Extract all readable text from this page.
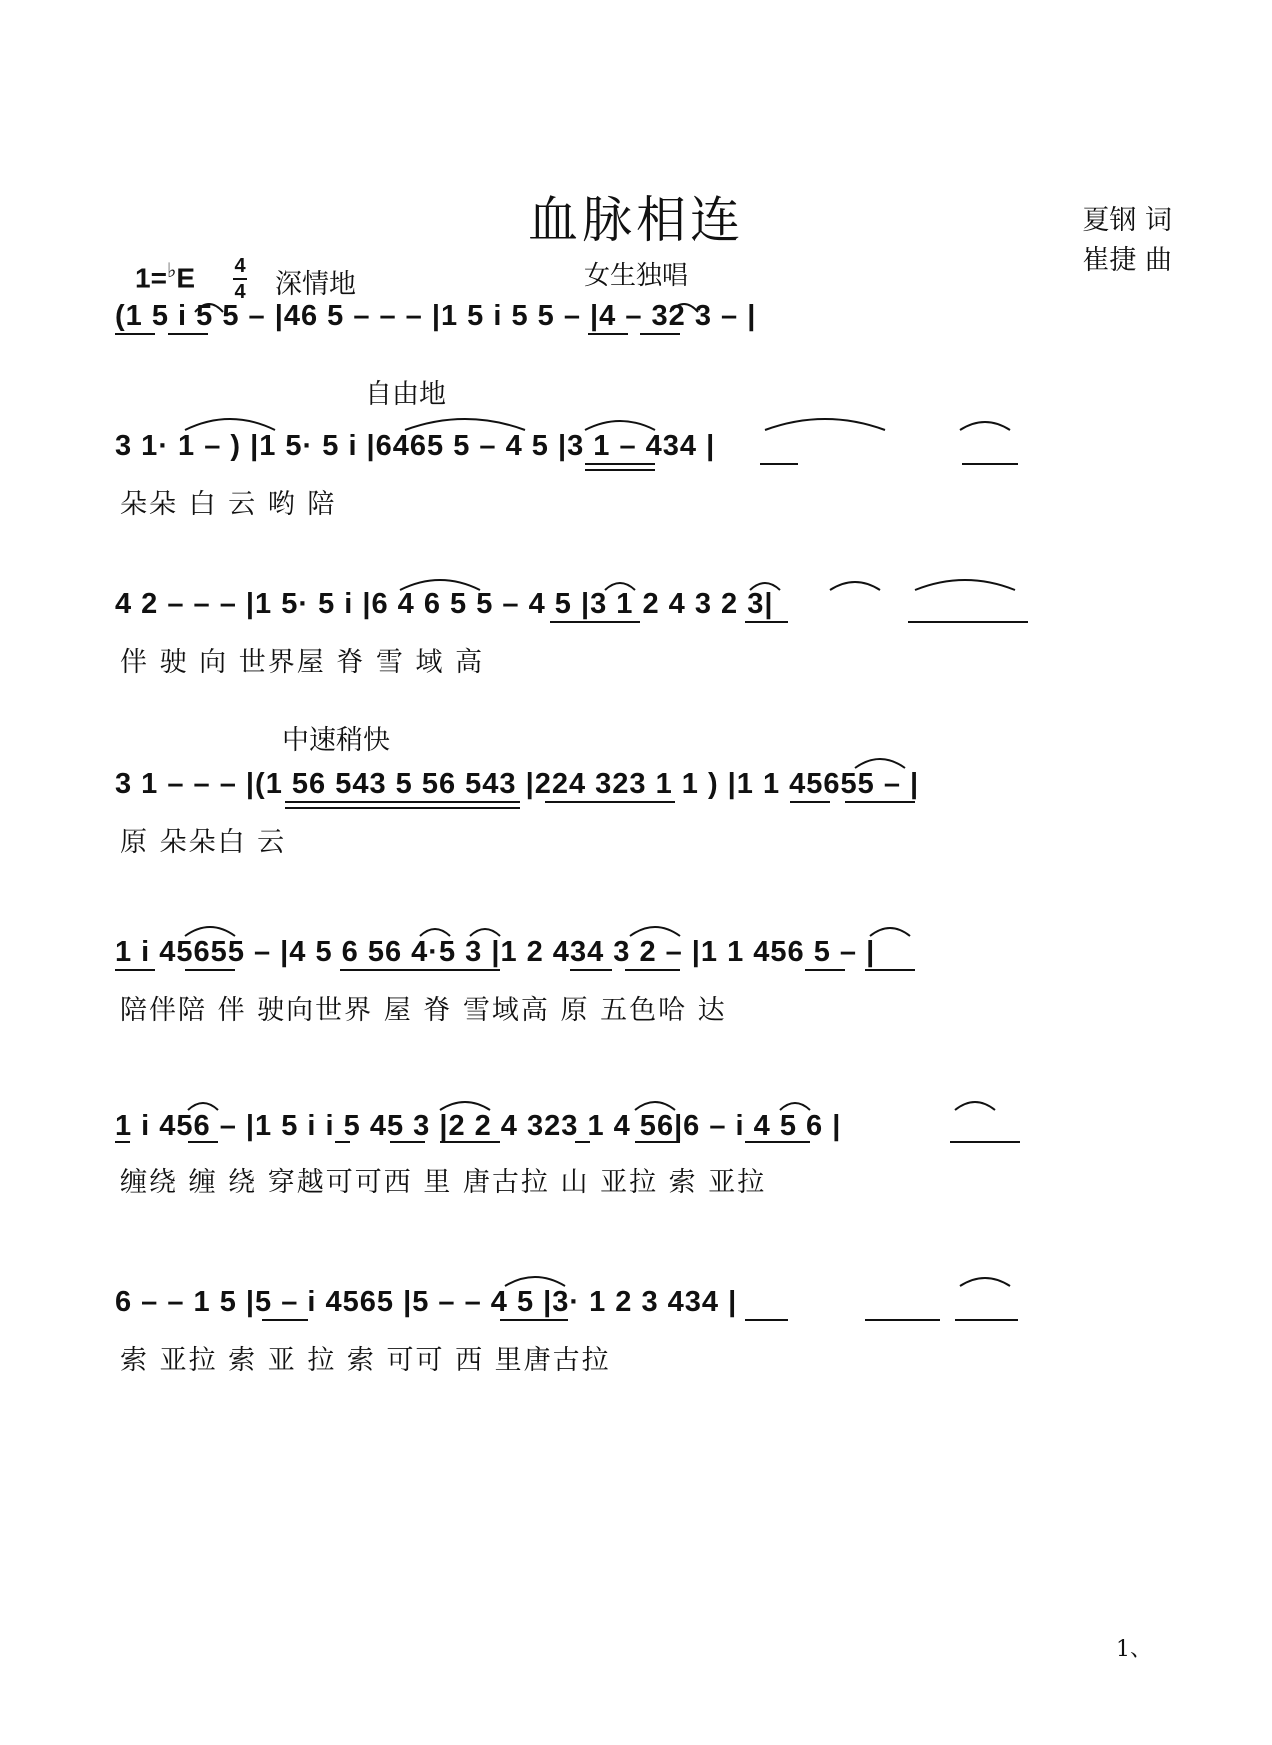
血脉相连
女生独唱
夏钢 词
崔捷 曲
1=♭E 4
4 深情地
自由地
中速稍快
(1 5 i 5 5 – |46 5 – – – |1 5 i 5 5 – |4 – 32 3 – |
3 1· 1 – ) |1 5· 5 i |6465 5 – 4 5 |3 1 – 434 |
朵朵 白 云 哟 陪
4 2 – – – |1 5· 5 i |6 4 6 5 5 – 4 5 |3 1 2 4 3 2 3|
伴 驶 向 世界屋 脊 雪 域 高
3 1 – – – |(1 56 543 5 56 543 |224 323 1 1 ) |1 1 45655 – |
原 朵朵白 云
1 i 45655 – |4 5 6 56 4·5 3 |1 2 434 3 2 – |1 1 456 5 – |
陪伴陪 伴 驶向世界 屋 脊 雪域高 原 五色哈 达
1 i 456 – |1 5 i i 5 45 3 |2 2 4 323 1 4 56|6 – i 4 5 6 |
缠绕 缠 绕 穿越可可西 里 唐古拉 山 亚拉 索 亚拉
6 – – 1 5 |5 – i 4565 |5 – – 4 5 |3· 1 2 3 434 |
索 亚拉 索 亚 拉 索 可可 西 里唐古拉
1、
